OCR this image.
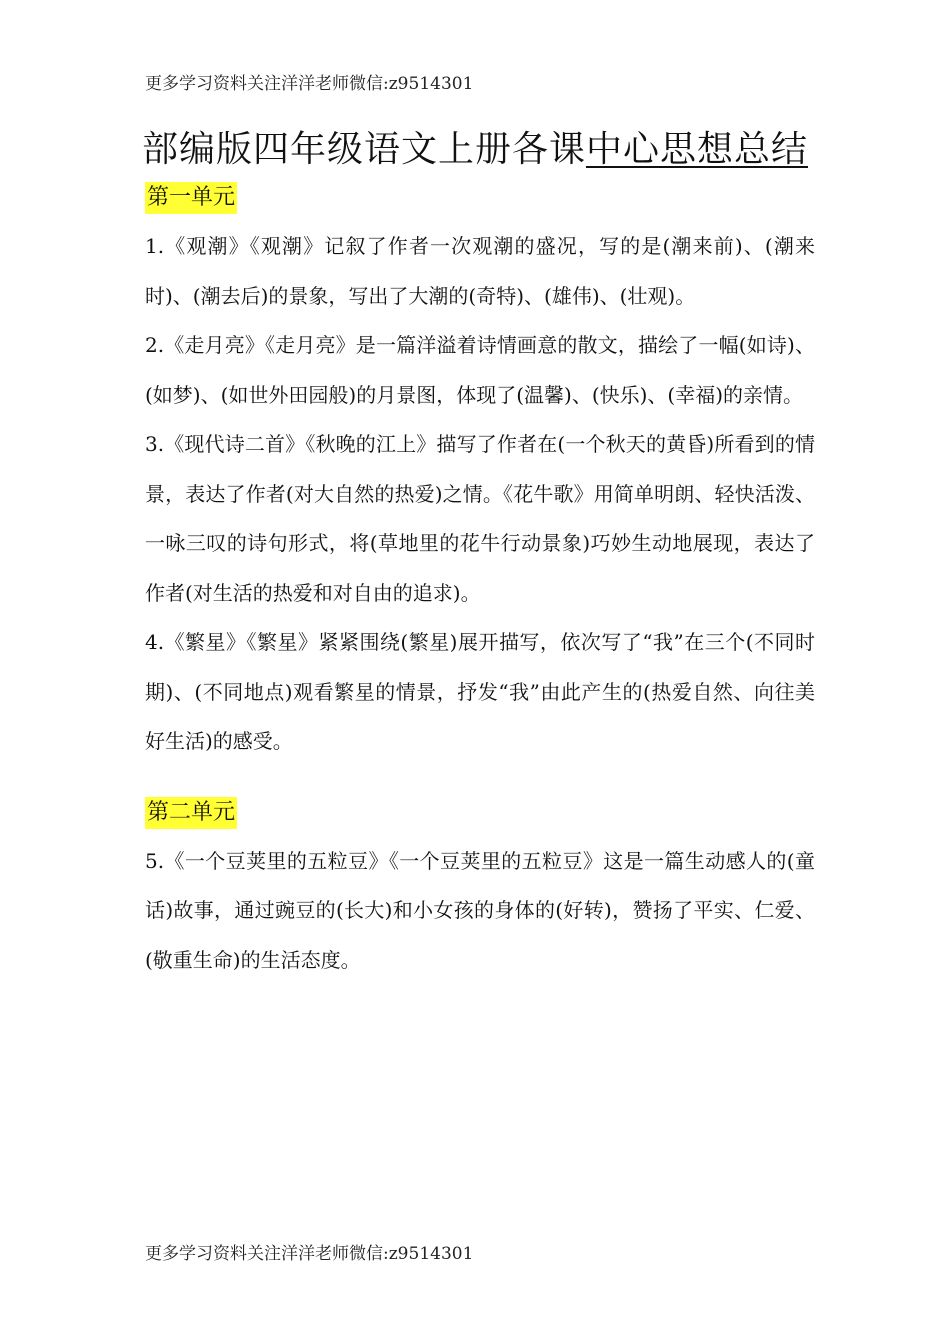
更多学习资料关注洋洋老师微信:z9514301
部编版四年级语文上册各课中心思想总结
第一单元

1.《观潮》《观潮》记叙了作者一次观潮的盛况，写的是(潮来前)、(潮来时)、(潮去后)的景象，写出了大潮的(奇特)、(雄伟)、(壮观)。

2.《走月亮》《走月亮》是一篇洋溢着诗情画意的散文，描绘了一幅(如诗)、(如梦)、(如世外田园般)的月景图，体现了(温馨)、(快乐)、(幸福)的亲情。

3.《现代诗二首》《秋晚的江上》描写了作者在(一个秋天的黄昏)所看到的情景，表达了作者(对大自然的热爱)之情。《花牛歌》用简单明朗、轻快活泼、一咏三叹的诗句形式，将(草地里的花牛行动景象)巧妙生动地展现，表达了作者(对生活的热爱和对自由的追求)。

4.《繁星》《繁星》紧紧围绕(繁星)展开描写，依次写了“我”在三个(不同时期)、(不同地点)观看繁星的情景，抒发“我”由此产生的(热爱自然、向往美好生活)的感受。

第二单元

5.《一个豆荚里的五粒豆》《一个豆荚里的五粒豆》这是一篇生动感人的(童话)故事，通过豌豆的(长大)和小女孩的身体的(好转)，赞扬了平实、仁爱、(敬重生命)的生活态度。

更多学习资料关注洋洋老师微信:z9514301
